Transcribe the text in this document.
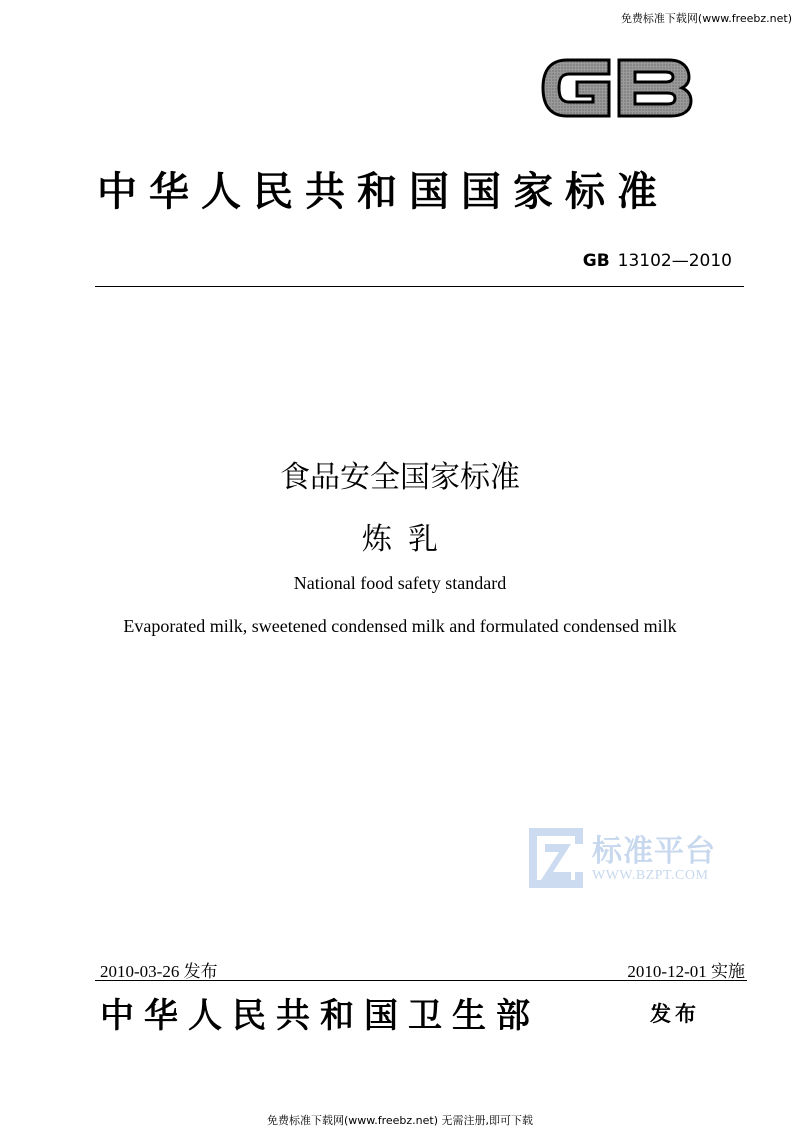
免费标准下载网(www.freebz.net)
中华人民共和国国家标准
GB 13102—2010
食品安全国家标准
炼乳
National food safety standard
Evaporated milk, sweetened condensed milk and formulated condensed milk
标准平台
WWW.BZPT.COM
2010-03-26 发布	2010-12-01 实施
中华人民共和国卫生部	发布
免费标准下载网(www.freebz.net) 无需注册,即可下载
